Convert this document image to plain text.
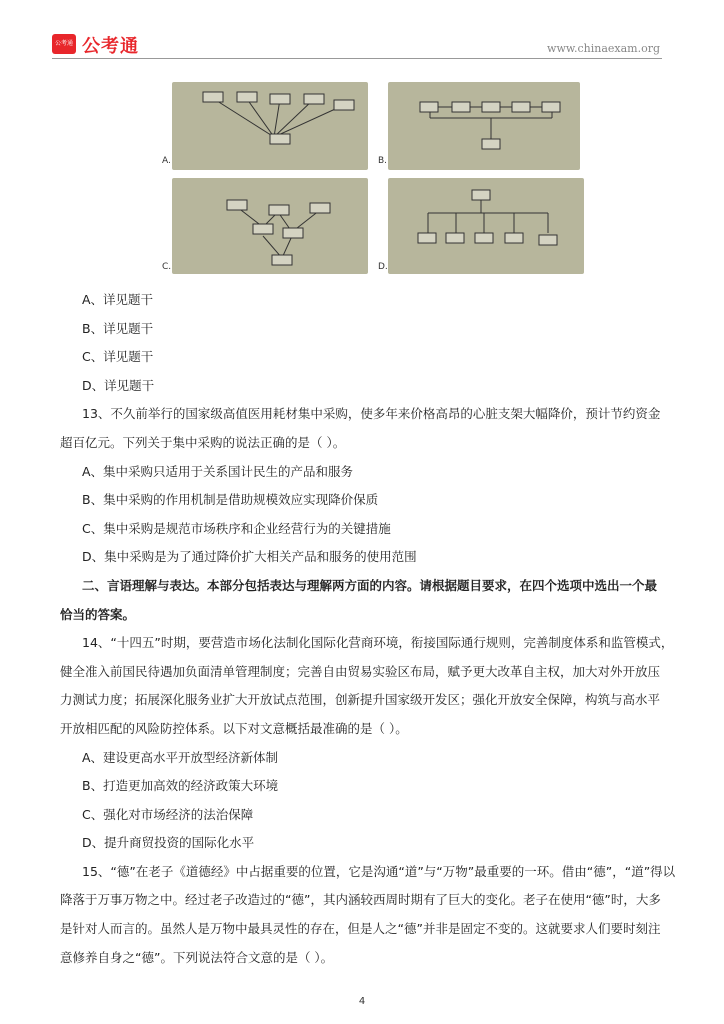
公考通 公考通	www.chinaexam.org
A.	B.
C.	D.
A、详见题干
B、详见题干
C、详见题干
D、详见题干
13、不久前举行的国家级高值医用耗材集中采购，使多年来价格高昂的心脏支架大幅降价，预计节约资金
超百亿元。下列关于集中采购的说法正确的是（ ）。
A、集中采购只适用于关系国计民生的产品和服务
B、集中采购的作用机制是借助规模效应实现降价保质
C、集中采购是规范市场秩序和企业经营行为的关键措施
D、集中采购是为了通过降价扩大相关产品和服务的使用范围
二、言语理解与表达。本部分包括表达与理解两方面的内容。请根据题目要求，在四个选项中选出一个最
恰当的答案。
14、“十四五”时期，要营造市场化法制化国际化营商环境，衔接国际通行规则，完善制度体系和监管模式，
健全准入前国民待遇加负面清单管理制度；完善自由贸易实验区布局，赋予更大改革自主权，加大对外开放压
力测试力度；拓展深化服务业扩大开放试点范围，创新提升国家级开发区；强化开放安全保障，构筑与高水平
开放相匹配的风险防控体系。以下对文意概括最准确的是（ ）。
A、建设更高水平开放型经济新体制
B、打造更加高效的经济政策大环境
C、强化对市场经济的法治保障
D、提升商贸投资的国际化水平
15、“德”在老子《道德经》中占据重要的位置，它是沟通“道”与“万物”最重要的一环。借由“德”，“道”得以
降落于万事万物之中。经过老子改造过的“德”，其内涵较西周时期有了巨大的变化。老子在使用“德”时，大多
是针对人而言的。虽然人是万物中最具灵性的存在，但是人之“德”并非是固定不变的。这就要求人们要时刻注
意修养自身之“德”。下列说法符合文意的是（ ）。
4
